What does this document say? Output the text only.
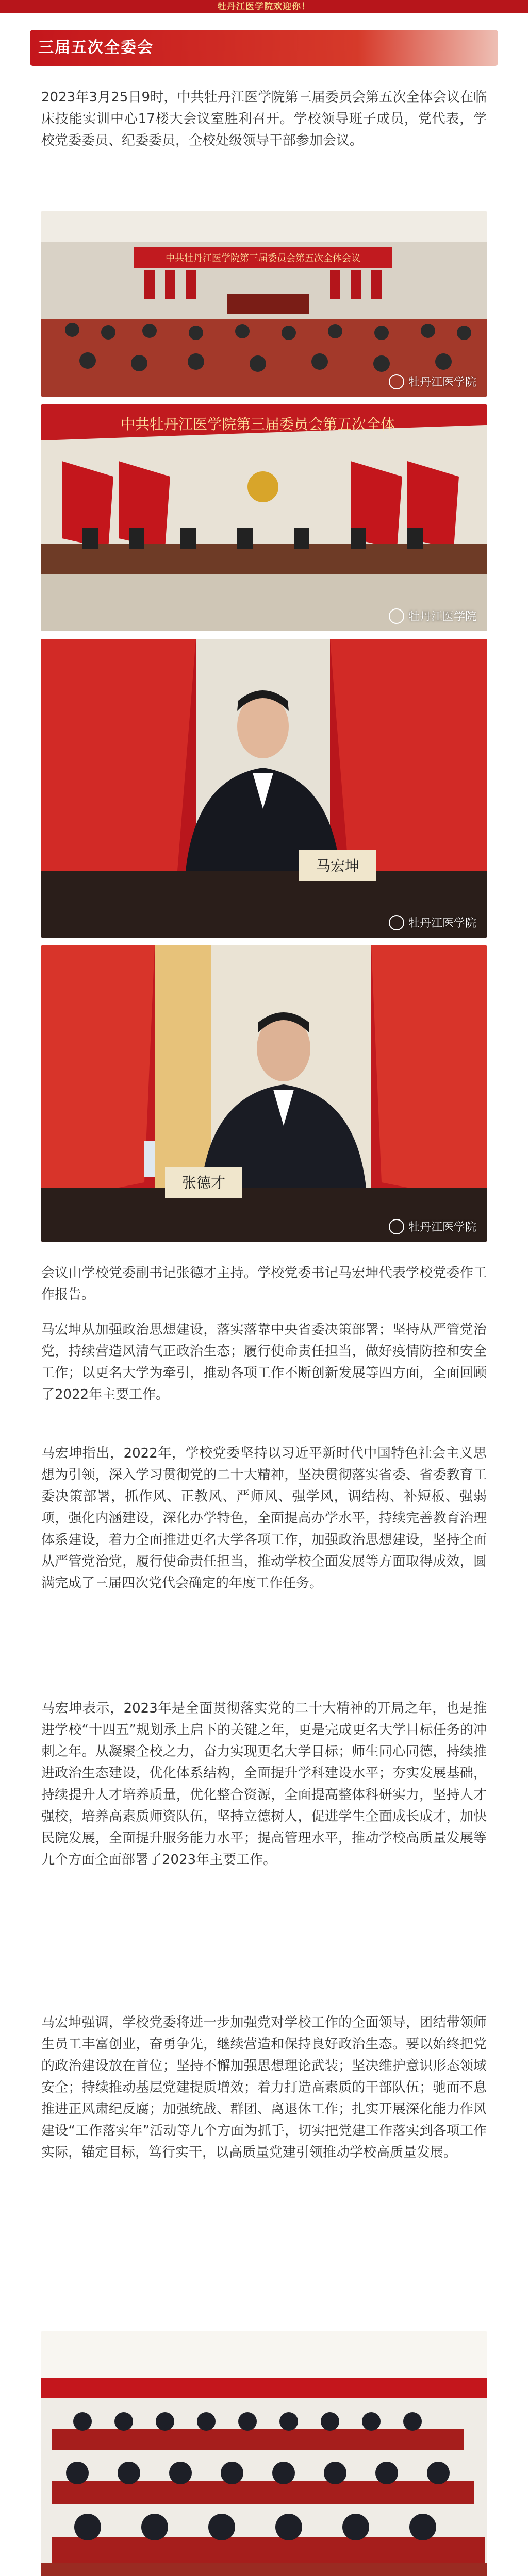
牡丹江医学院欢迎你！
三届五次全委会

2023年3月25日9时，中共牡丹江医学院第三届委员会第五次全体会议在临床技能实训中心17楼大会议室胜利召开。学校领导班子成员，党代表，学校党委委员、纪委委员，全校处级领导干部参加会议。

中共牡丹江医学院第三届委员会第五次全体会议
牡丹江医学院
中共牡丹江医学院第三届委员会第五次全体
牡丹江医学院
马宏坤
牡丹江医学院
张德才
牡丹江医学院

会议由学校党委副书记张德才主持。学校党委书记马宏坤代表学校党委作工作报告。

马宏坤从加强政治思想建设，落实落靠中央省委决策部署；坚持从严管党治党，持续营造风清气正政治生态；履行使命责任担当，做好疫情防控和安全工作；以更名大学为牵引，推动各项工作不断创新发展等四方面，全面回顾了2022年主要工作。

马宏坤指出，2022年，学校党委坚持以习近平新时代中国特色社会主义思想为引领，深入学习贯彻党的二十大精神，坚决贯彻落实省委、省委教育工委决策部署，抓作风、正教风、严师风、强学风，调结构、补短板、强弱项，强化内涵建设，深化办学特色，全面提高办学水平，持续完善教育治理体系建设，着力全面推进更名大学各项工作，加强政治思想建设，坚持全面从严管党治党，履行使命责任担当，推动学校全面发展等方面取得成效，圆满完成了三届四次党代会确定的年度工作任务。

马宏坤表示，2023年是全面贯彻落实党的二十大精神的开局之年，也是推进学校“十四五”规划承上启下的关键之年，更是完成更名大学目标任务的冲刺之年。从凝聚全校之力，奋力实现更名大学目标；师生同心同德，持续推进政治生态建设，优化体系结构，全面提升学科建设水平；夯实发展基础，持续提升人才培养质量，优化整合资源，全面提高整体科研实力，坚持人才强校，培养高素质师资队伍，坚持立德树人，促进学生全面成长成才，加快民院发展，全面提升服务能力水平；提高管理水平，推动学校高质量发展等九个方面全面部署了2023年主要工作。

马宏坤强调，学校党委将进一步加强党对学校工作的全面领导，团结带领师生员工丰富创业，奋勇争先，继续营造和保持良好政治生态。要以始终把党的政治建设放在首位；坚持不懈加强思想理论武装；坚决维护意识形态领域安全；持续推动基层党建提质增效；着力打造高素质的干部队伍；驰而不息推进正风肃纪反腐；加强统战、群团、离退休工作；扎实开展深化能力作风建设“工作落实年”活动等九个方面为抓手，切实把党建工作落实到各项工作实际，锚定目标，笃行实干，以高质量党建引领推动学校高质量发展。
